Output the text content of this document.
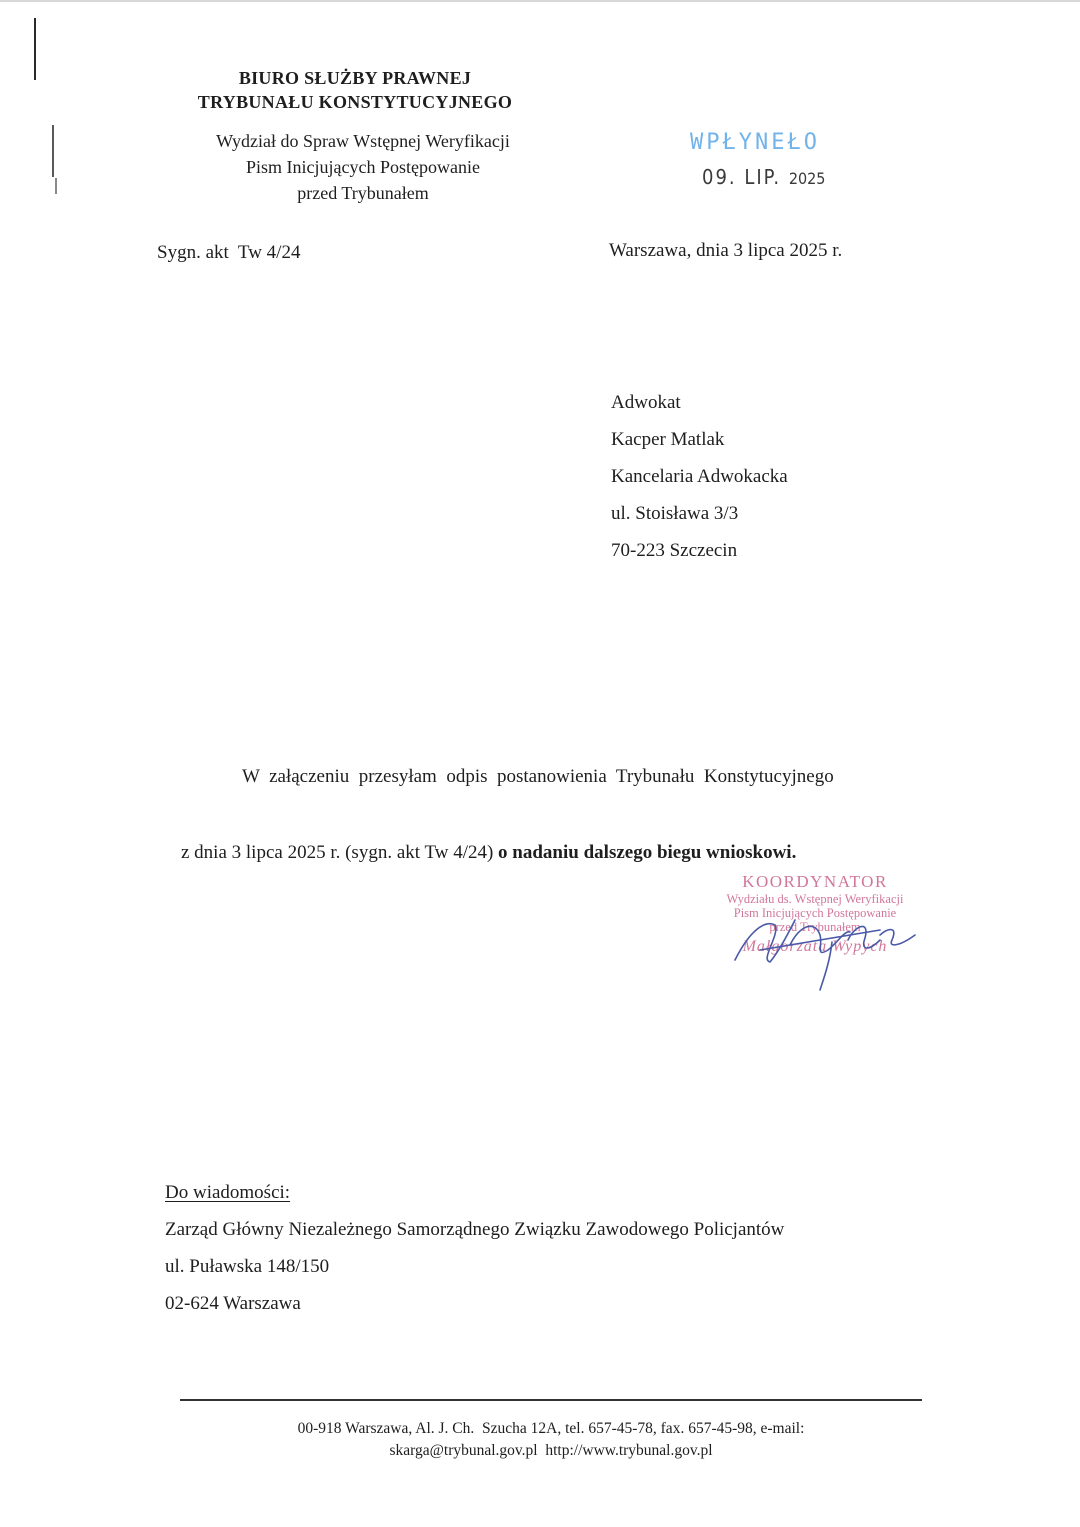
BIURO SŁUŻBY PRAWNEJ
TRYBUNAŁU KONSTYTUCYJNEGO
Wydział do Spraw Wstępnej Weryfikacji
Pism Inicjujących Postępowanie
przed Trybunałem
WPŁYNEŁO
09. LIP. 2025
Sygn. akt  Tw 4/24	Warszawa, dnia 3 lipca 2025 r.
Adwokat
Kacper Matlak
Kancelaria Adwokacka
ul. Stoisława 3/3
70-223 Szczecin
W  załączeniu  przesyłam  odpis  postanowienia  Trybunału  Konstytucyjnego

z dnia 3 lipca 2025 r. (sygn. akt Tw 4/24) o nadaniu dalszego biegu wnioskowi.

KOORDYNATOR
Wydziału ds. Wstępnej Weryfikacji
Pism Inicjujących Postępowanie
przed Trybunałem
Małgorzata Wypych
Do wiadomości:
Zarząd Główny Niezależnego Samorządnego Związku Zawodowego Policjantów
ul. Puławska 148/150
02-624 Warszawa
00-918 Warszawa, Al. J. Ch.  Szucha 12A, tel. 657-45-78, fax. 657-45-98, e-mail:
skarga@trybunal.gov.pl  http://www.trybunal.gov.pl
